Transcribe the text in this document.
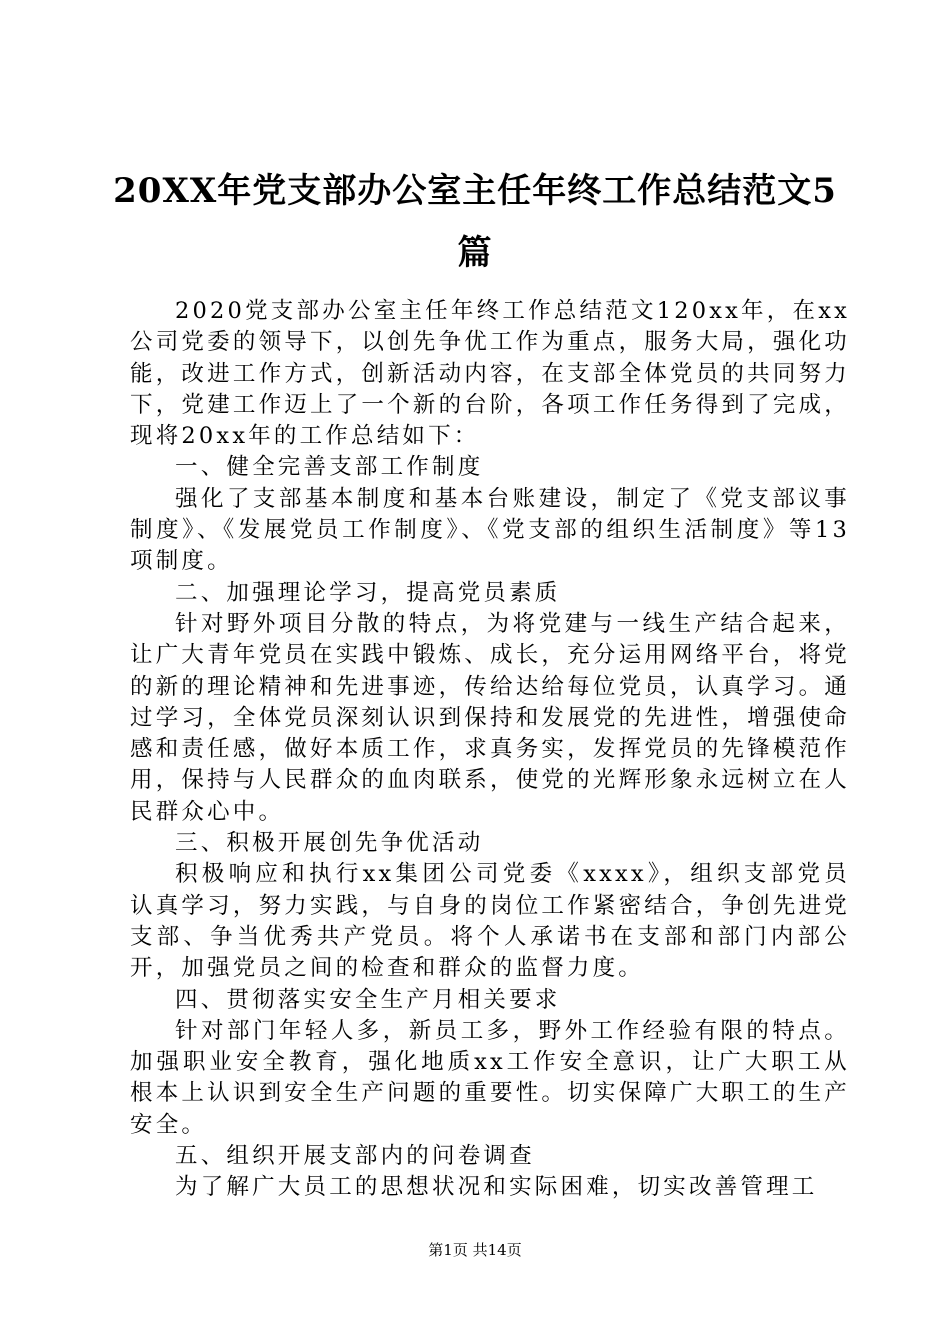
20XX年党支部办公室主任年终工作总结范文5篇

2020党支部办公室主任年终工作总结范文120xx年，在xx公司党委的领导下，以创先争优工作为重点，服务大局，强化功能，改进工作方式，创新活动内容，在支部全体党员的共同努力下，党建工作迈上了一个新的台阶，各项工作任务得到了完成，现将20xx年的工作总结如下：

一、健全完善支部工作制度

强化了支部基本制度和基本台账建设，制定了《党支部议事制度》、《发展党员工作制度》、《党支部的组织生活制度》等13项制度。

二、加强理论学习，提高党员素质

针对野外项目分散的特点，为将党建与一线生产结合起来，让广大青年党员在实践中锻炼、成长，充分运用网络平台，将党的新的理论精神和先进事迹，传给达给每位党员，认真学习。通过学习，全体党员深刻认识到保持和发展党的先进性，增强使命感和责任感，做好本质工作，求真务实，发挥党员的先锋模范作用，保持与人民群众的血肉联系，使党的光辉形象永远树立在人民群众心中。

三、积极开展创先争优活动

积极响应和执行xx集团公司党委《xxxx》，组织支部党员认真学习，努力实践，与自身的岗位工作紧密结合，争创先进党支部、争当优秀共产党员。将个人承诺书在支部和部门内部公开，加强党员之间的检查和群众的监督力度。

四、贯彻落实安全生产月相关要求

针对部门年轻人多，新员工多，野外工作经验有限的特点。加强职业安全教育，强化地质xx工作安全意识，让广大职工从根本上认识到安全生产问题的重要性。切实保障广大职工的生产安全。

五、组织开展支部内的问卷调查

为了解广大员工的思想状况和实际困难，切实改善管理工

第1页 共14页
